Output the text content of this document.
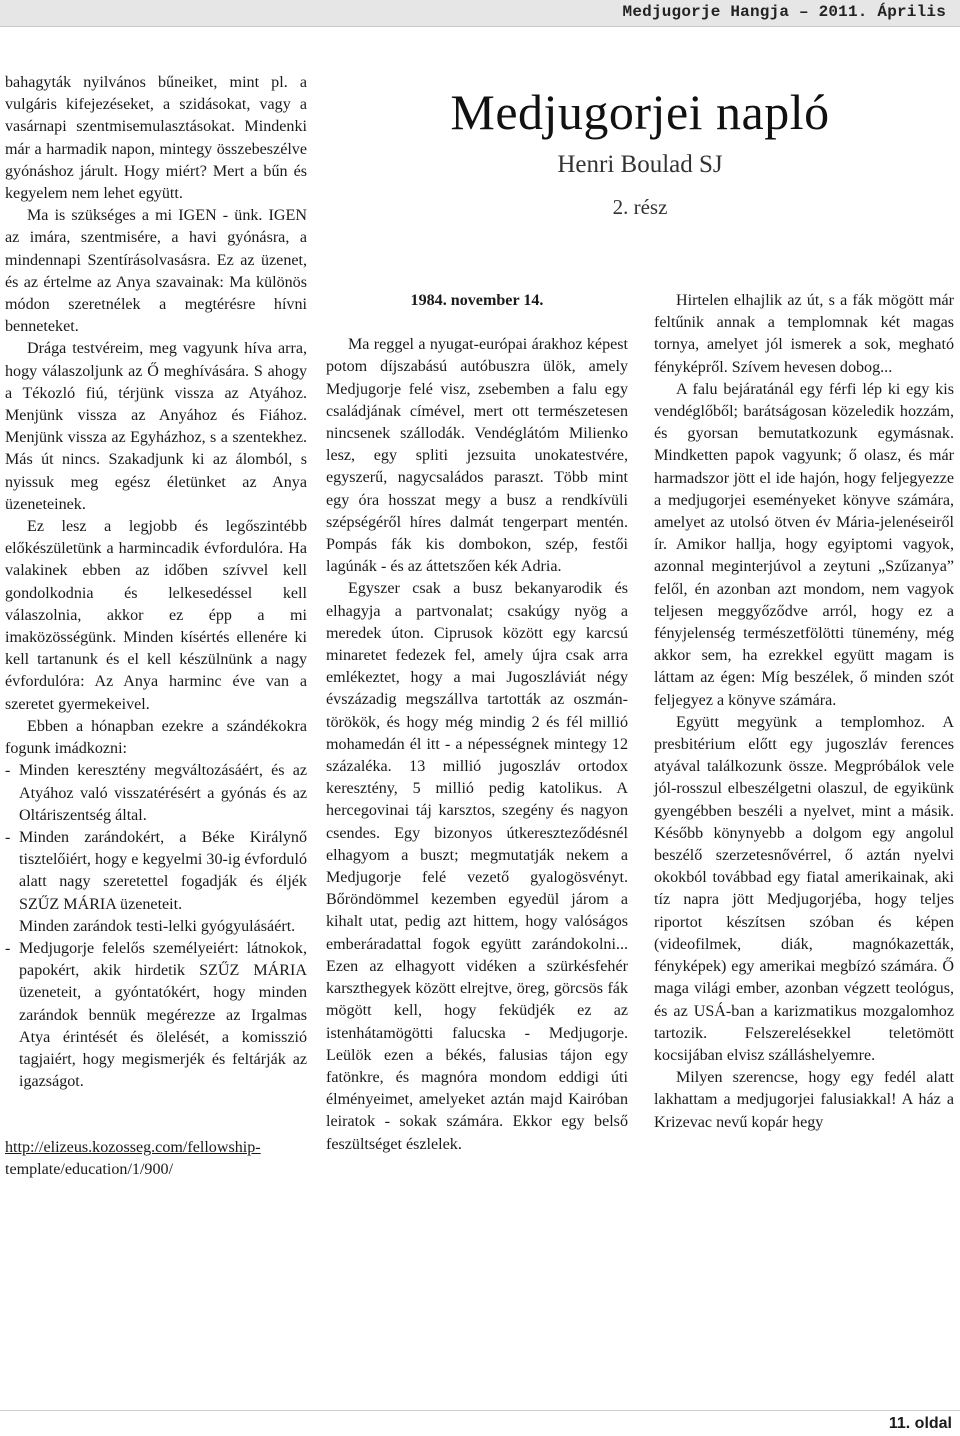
Medjugorje Hangja – 2011. Április

bahagyták nyilvános bűneiket, mint pl. a vulgáris kifejezéseket, a szidásokat, vagy a vasárnapi szentmisemulasztásokat. Mindenki már a harmadik napon, mintegy összebeszélve gyónáshoz járult. Hogy miért? Mert a bűn és kegyelem nem lehet együtt.

Ma is szükséges a mi IGEN - ünk. IGEN az imára, szentmisére, a havi gyónásra, a mindennapi Szentírásolvasásra. Ez az üzenet, és az értelme az Anya szavainak: Ma különös módon szeretnélek a megtérésre hívni benneteket.

Drága testvéreim, meg vagyunk híva arra, hogy válaszoljunk az Ő meghívására. S ahogy a Tékozló fiú, térjünk vissza az Atyához. Menjünk vissza az Anyához és Fiához. Menjünk vissza az Egyházhoz, s a szentekhez. Más út nincs. Szakadjunk ki az álomból, s nyissuk meg egész életünket az Anya üzeneteinek.

Ez lesz a legjobb és legőszintébb előkészületünk a harmincadik évfordulóra. Ha valakinek ebben az időben szívvel kell gondolkodnia és lelkesedéssel kell válaszolnia, akkor ez épp a mi imaközösségünk. Minden kísértés ellenére ki kell tartanunk és el kell készülnünk a nagy évfordulóra: Az Anya harminc éve van a szeretet gyermekeivel.

Ebben a hónapban ezekre a szándékokra fogunk imádkozni:

- Minden keresztény megváltozásáért, és az Atyához való visszatérésért a gyónás és az Oltáriszentség által.
- Minden zarándokért, a Béke Királynő tisztelőiért, hogy e kegyelmi 30-ig évforduló alatt nagy szeretettel fogadják és éljék SZŰZ MÁRIA üzeneteit.
Minden zarándok testi-lelki gyógyulásáért.
- Medjugorje felelős személyeiért: látnokok, papokért, akik hirdetik SZŰZ MÁRIA üzeneteit, a gyóntatókért, hogy minden zarándok bennük megérezze az Irgalmas Atya érintését és ölelését, a komisszió tagjaiért, hogy megismerjék és feltárják az igazságot.
http://elizeus.kozosseg.com/fellowship-
template/education/1/900/
Medjugorjei napló
Henri Boulad SJ
2. rész
1984. november 14.

Ma reggel a nyugat-európai árakhoz képest potom díjszabású autóbuszra ülök, amely Medjugorje felé visz, zsebemben a falu egy családjának címével, mert ott természetesen nincsenek szállodák. Vendéglátóm Milienko lesz, egy spliti jezsuita unokatestvére, egyszerű, nagycsaládos paraszt. Több mint egy óra hosszat megy a busz a rendkívüli szépségéről híres dalmát tengerpart mentén. Pompás fák kis dombokon, szép, festői lagúnák - és az áttetszően kék Adria.

Egyszer csak a busz bekanyarodik és elhagyja a partvonalat; csakúgy nyög a meredek úton. Ciprusok között egy karcsú minaretet fedezek fel, amely újra csak arra emlékeztet, hogy a mai Jugoszláviát négy évszázadig megszállva tartották az oszmán-törökök, és hogy még mindig 2 és fél millió mohamedán él itt - a népességnek mintegy 12 százaléka. 13 millió jugoszláv ortodox keresztény, 5 millió pedig katolikus. A hercegovinai táj karsztos, szegény és nagyon csendes. Egy bizonyos útkereszteződésnél elhagyom a buszt; megmutatják nekem a Medjugorje felé vezető gyalogösvényt. Bőröndömmel kezemben egyedül járom a kihalt utat, pedig azt hittem, hogy valóságos emberáradattal fogok együtt zarándokolni... Ezen az elhagyott vidéken a szürkésfehér karszthegyek között elrejtve, öreg, görcsös fák mögött kell, hogy feküdjék ez az istenhátamögötti falucska - Medjugorje. Leülök ezen a békés, falusias tájon egy fatönkre, és magnóra mondom eddigi úti élményeimet, amelyeket aztán majd Kairóban leiratok - sokak számára. Ekkor egy belső feszültséget észlelek.

Hirtelen elhajlik az út, s a fák mögött már feltűnik annak a templomnak két magas tornya, amelyet jól ismerek a sok, megható fényképről. Szívem hevesen dobog...

A falu bejáratánál egy férfi lép ki egy kis vendéglőből; barátságosan közeledik hozzám, és gyorsan bemutatkozunk egymásnak. Mindketten papok vagyunk; ő olasz, és már harmadszor jött el ide hajón, hogy feljegyezze a medjugorjei eseményeket könyve számára, amelyet az utolsó ötven év Mária-jelenéseiről ír. Amikor hallja, hogy egyiptomi vagyok, azonnal meginterjúvol a zeytuni „Szűzanya” felől, én azonban azt mondom, nem vagyok teljesen meggyőződve arról, hogy ez a fényjelenség természetfölötti tünemény, még akkor sem, ha ezrekkel együtt magam is láttam az égen: Míg beszélek, ő minden szót feljegyez a könyve számára.

Együtt megyünk a templomhoz. A presbitérium előtt egy jugoszláv ferences atyával találkozunk össze. Megpróbálok vele jól-rosszul elbeszélgetni olaszul, de egyikünk gyengébben beszéli a nyelvet, mint a másik. Később könynyebb a dolgom egy angolul beszélő szerzetesnővérrel, ő aztán nyelvi okokból továbbad egy fiatal amerikainak, aki tíz napra jött Medjugorjéba, hogy teljes riportot készítsen szóban és képen (videofilmek, diák, magnókazetták, fényképek) egy amerikai megbízó számára. Ő maga világi ember, azonban végzett teológus, és az USÁ-ban a karizmatikus mozgalomhoz tartozik. Felszerelésekkel teletömött kocsijában elvisz szálláshelyemre.

Milyen szerencse, hogy egy fedél alatt lakhattam a medjugorjei falusiakkal! A ház a Krizevac nevű kopár hegy

11. oldal
